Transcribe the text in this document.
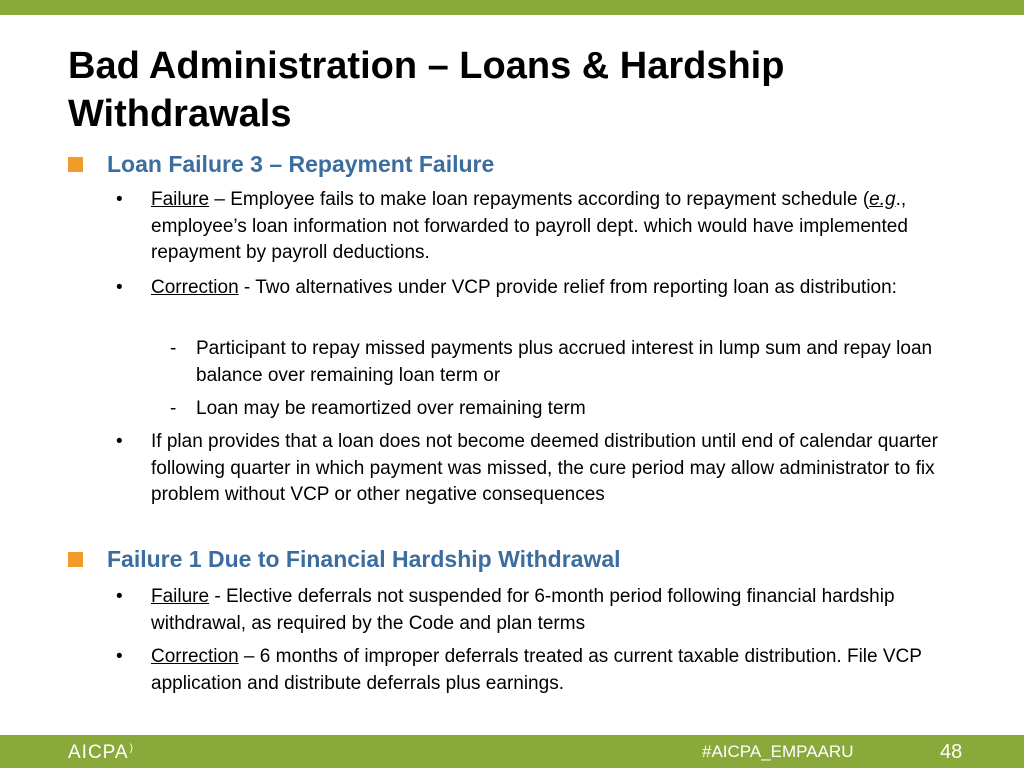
Bad Administration – Loans & Hardship Withdrawals
Loan Failure 3 – Repayment Failure
• Failure – Employee fails to make loan repayments according to repayment schedule (e.g., employee’s loan information not forwarded to payroll dept. which would have implemented repayment by payroll deductions.
• Correction - Two alternatives under VCP provide relief from reporting loan as distribution:
- Participant to repay missed payments plus accrued interest in lump sum and repay loan balance over remaining loan term or
- Loan may be reamortized over remaining term
• If plan provides that a loan does not become deemed distribution until end of calendar quarter following quarter in which payment was missed, the cure period may allow administrator to fix problem without VCP or other negative consequences
Failure 1 Due to Financial Hardship Withdrawal
• Failure - Elective deferrals not suspended for 6-month period following financial hardship withdrawal, as required by the Code and plan terms
• Correction – 6 months of improper deferrals treated as current taxable distribution. File VCP application and distribute deferrals plus earnings.
AICPA)	#AICPA_EMPAARU	48
